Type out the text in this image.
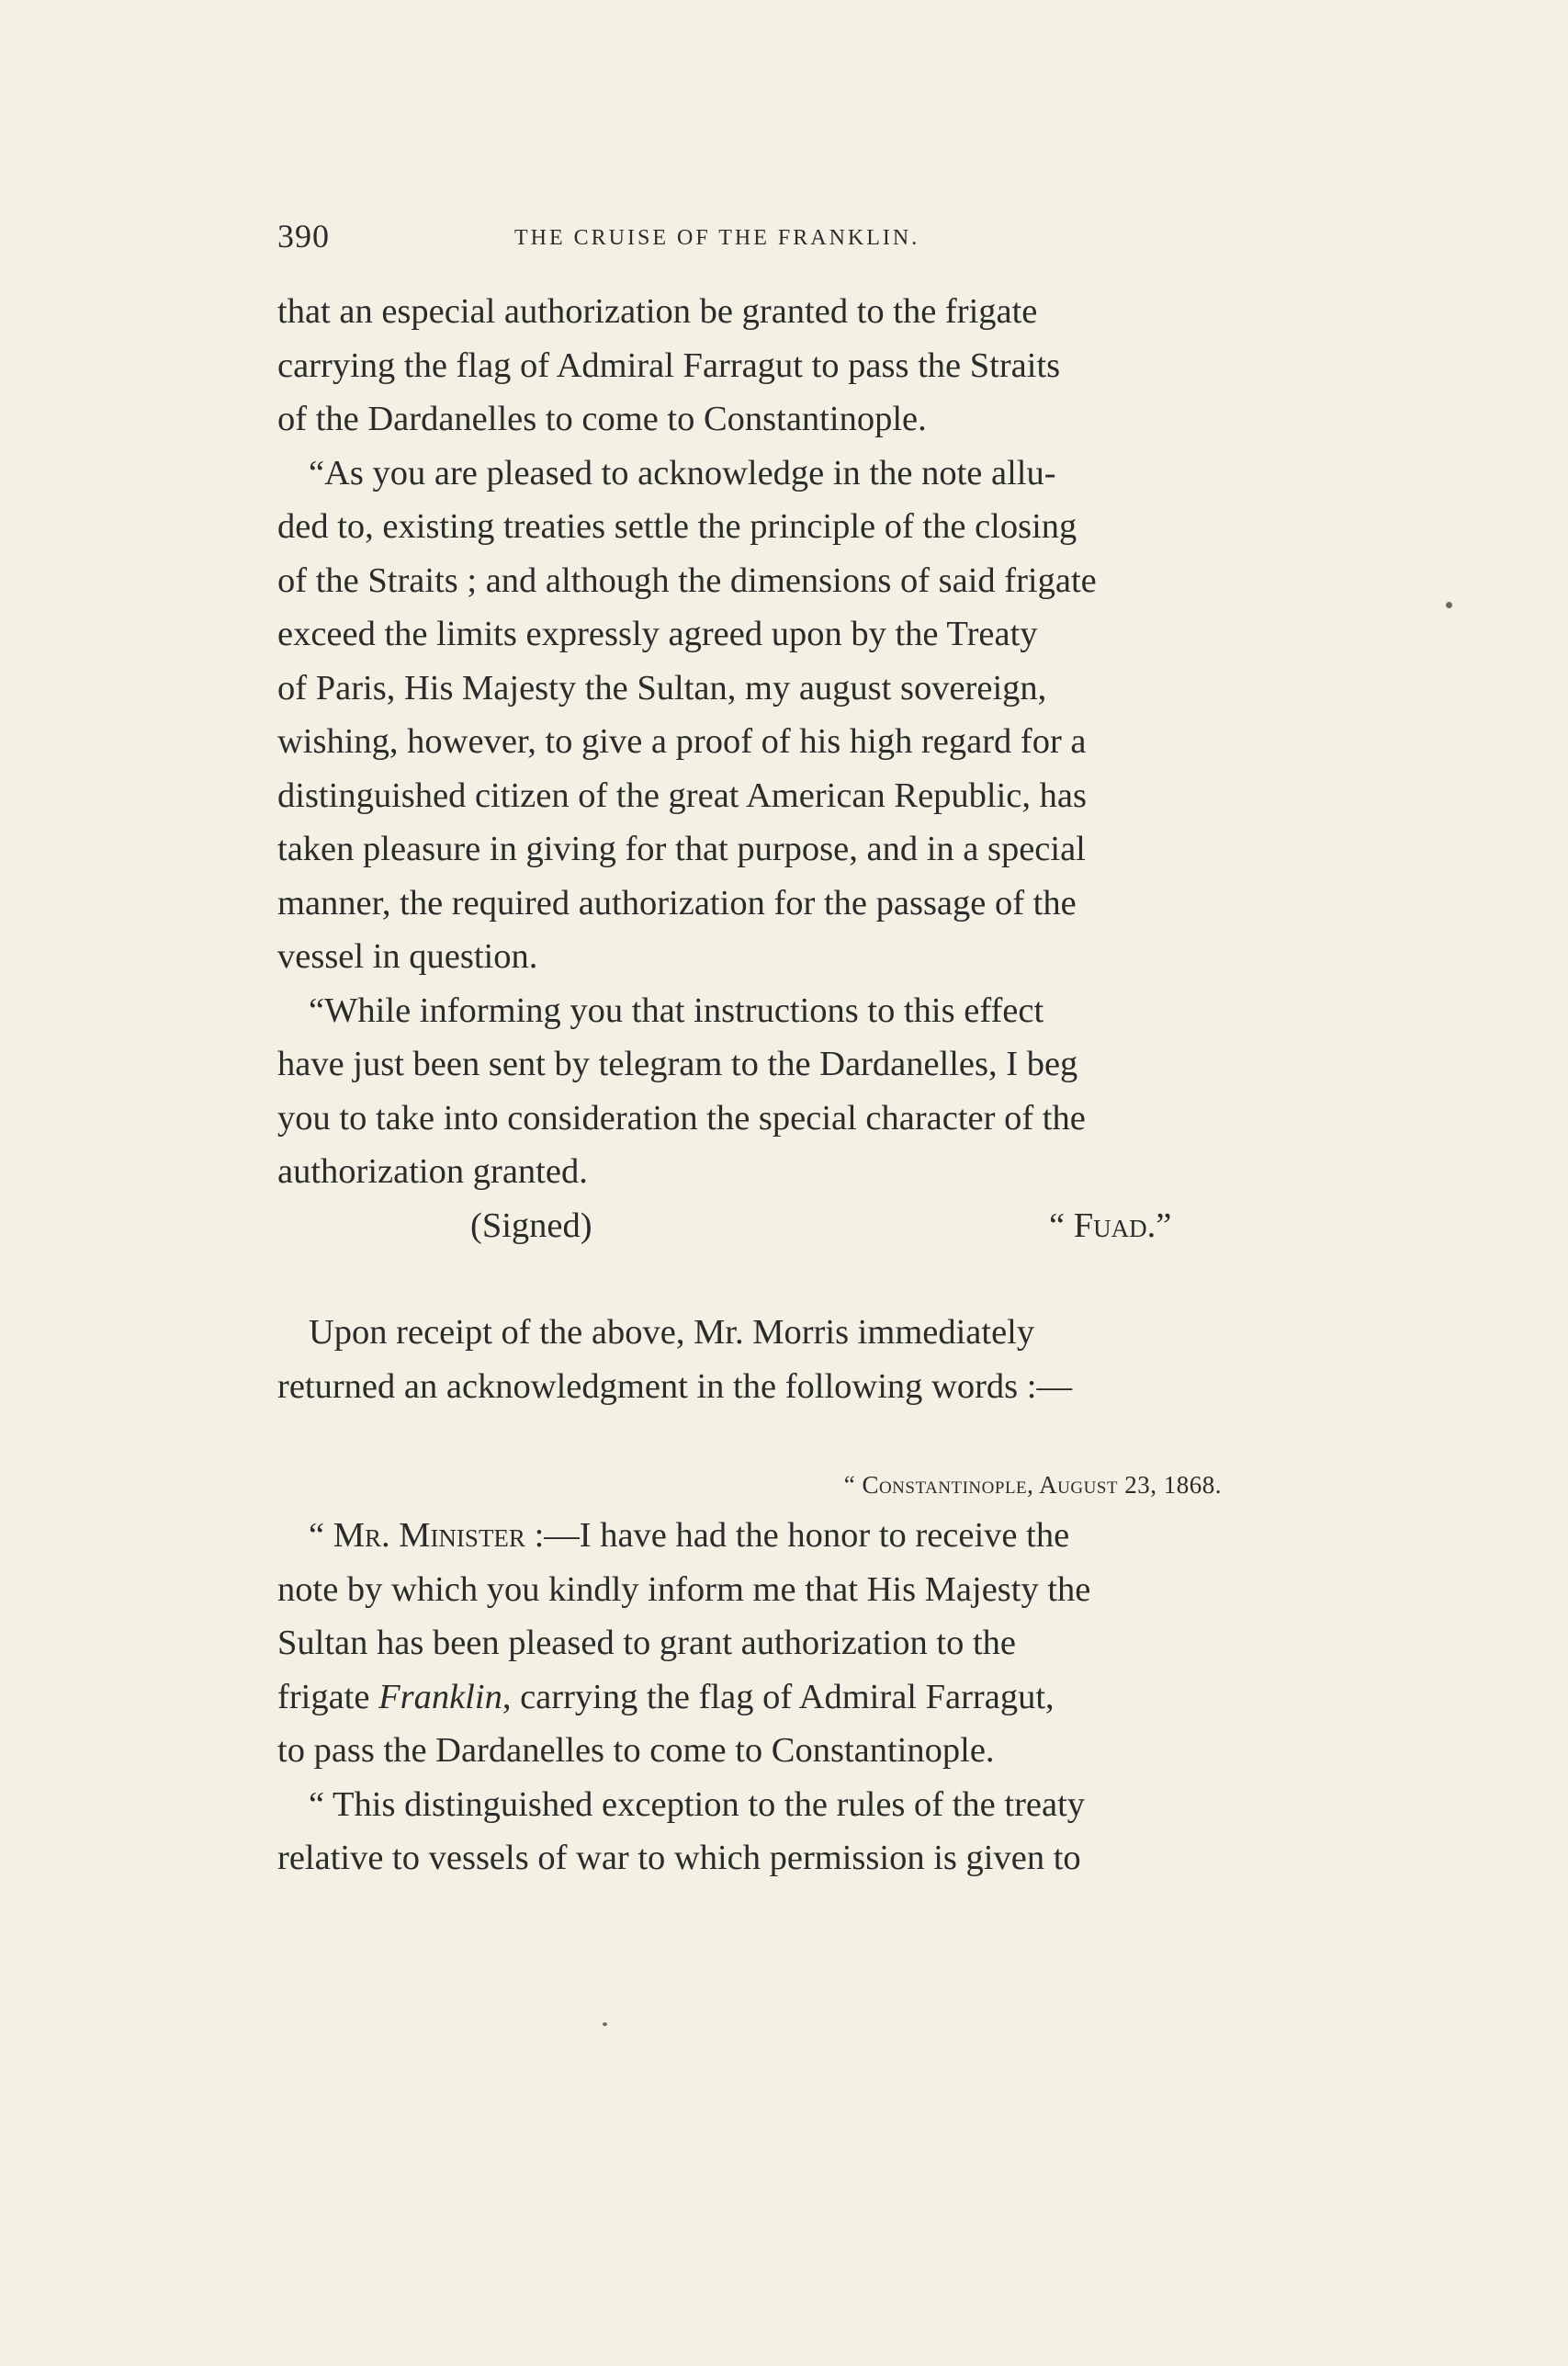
390	THE CRUISE OF THE FRANKLIN.

that an especial authorization be granted to the frigate

carrying the flag of Admiral Farragut to pass the Straits

of the Dardanelles to come to Constantinople.

“As you are pleased to acknowledge in the note allu-

ded to, existing treaties settle the principle of the closing

of the Straits ; and although the dimensions of said frigate

exceed the limits expressly agreed upon by the Treaty

of Paris, His Majesty the Sultan, my august sovereign,

wishing, however, to give a proof of his high regard for a

distinguished citizen of the great American Republic, has

taken pleasure in giving for that purpose, and in a special

manner, the required authorization for the passage of the

vessel in question.

“While informing you that instructions to this effect

have just been sent by telegram to the Dardanelles, I beg

you to take into consideration the special character of the

authorization granted.

(Signed)	“ Fuad.”

Upon receipt of the above, Mr. Morris immediately

returned an acknowledgment in the following words :—

“ Constantinople, August 23, 1868.

“ Mr. Minister :—I have had the honor to receive the

note by which you kindly inform me that His Majesty the

Sultan has been pleased to grant authorization to the

frigate Franklin, carrying the flag of Admiral Farragut,

to pass the Dardanelles to come to Constantinople.

“ This distinguished exception to the rules of the treaty

relative to vessels of war to which permission is given to
